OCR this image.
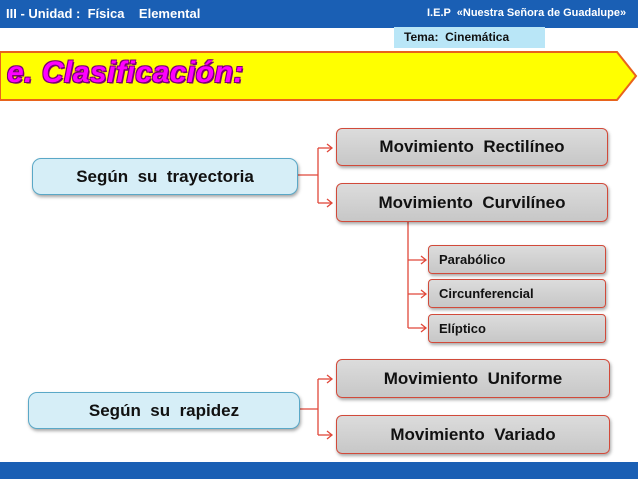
III - Unidad :  Física    Elemental	I.E.P  «Nuestra Señora de Guadalupe»
Tema:  Cinemática
e. Clasificación:
Según  su  trayectoria
Según  su  rapidez
Movimiento  Rectilíneo
Movimiento  Curvilíneo
Parabólico
Circunferencial
Elíptico
Movimiento  Uniforme
Movimiento  Variado
